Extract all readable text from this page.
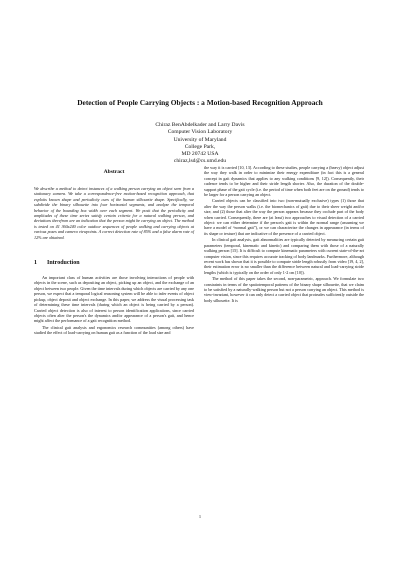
Detection of People Carrying Objects : a Motion-based Recognition Approach
Chiraz BenAbdelkader and Larry Davis
Computer Vision Laboratory
University of Maryland
College Park,
MD 20742 USA
chiraz,lsd@cs.umd.edu
Abstract

We describe a method to detect instances of a walking person carrying an object seen from a stationary camera. We take a correspondence-free motion-based recognition approach, that exploits known shape and periodicity cues of the human silhouette shape. Specifically, we subdivide the binary silhouette into four horizontal segments, and analyze the temporal behavior of the bounding box width over each segment. We posit that the periodicity and amplitudes of these time series satisfy certain criteria for a natural walking person, and deviations therefrom are an indication that the person might be carrying an object. The method is tested on 41 360x240 color outdoor sequences of people walking and carrying objects at various poses and camera viewpoints. A correct detection rate of 85% and a false alarm rate of 12% are obtained.

1 Introduction

An important class of human activities are those involving interactions of people with objects in the scene, such as depositing an object, picking up an object, and the exchange of an object between two people. Given the time intervals during which objects are carried by any one person, we expect that a temporal logical reasoning system will be able to infer events of object pickup, object deposit and object exchange. In this paper, we address the visual processing task of determining these time intervals (during which an object is being carried by a person). Carried object detection is also of interest to person identification applications, since carried objects often alter the person's the dynamics and/or appearance of a person's gait, and hence might affect the performance of a gait recognition method.

The clinical gait analysis and ergonomics research communities (among others) have studied the effect of load-carrying on human gait as a function of the load size and

the way it is carried [10, 13]. According to these studies, people carrying a (heavy) object adjust the way they walk in order to minimize their energy expenditure (in fact this is a general concept in gait dynamics that applies to any walking conditions [9, 12]). Consequently, their cadence tends to be higher and their stride length shorter. Also, the duration of the double-support phase of the gait cycle (i.e. the period of time when both feet are on the ground) tends to be larger for a person carrying an object.

Carried objects can be classified into two (non-mutually exclusive) types (1) those that alter the way the person walks (i.e. the biomechanics of gait) due to their sheer weight and/or size, and (2) those that alter the way the person appears because they occlude part of the body when carried. Consequently, there are (at least) two approaches to visual detection of a carried object: we can either determine if the person's gait is within the normal range (assuming we have a model of “normal gait”), or we can characterize the changes in appearance (in terms of its shape or texture) that are indicative of the presence of a carried object.

In clinical gait analysis, gait abnormalities are typically detected by measuring certain gait parameters (temporal, kinematic and kinetic) and comparing them with those of a naturally walking person [15]. It is difficult to compute kinematic parameters with current state-of-the-art computer vision, since this requires accurate tracking of body landmarks. Furthermore, although recent work has shown that it is possible to compute stride length robustly from video [19, 4, 2], their estimation error is no smaller than the difference between natural and load-carrying stride lengths (which is typically on the order of only 1-2 cm [10]).

The method of this paper takes the second, non-parametric, approach. We formulate two constraints in terms of the spatiotemporal patterns of the binary shape silhouette, that we claim to be satisfied by a naturally-walking person but not a person carrying an object. This method is view-invariant, however it can only detect a carried object that protrudes sufficiently outside the body silhouette. It is

1
